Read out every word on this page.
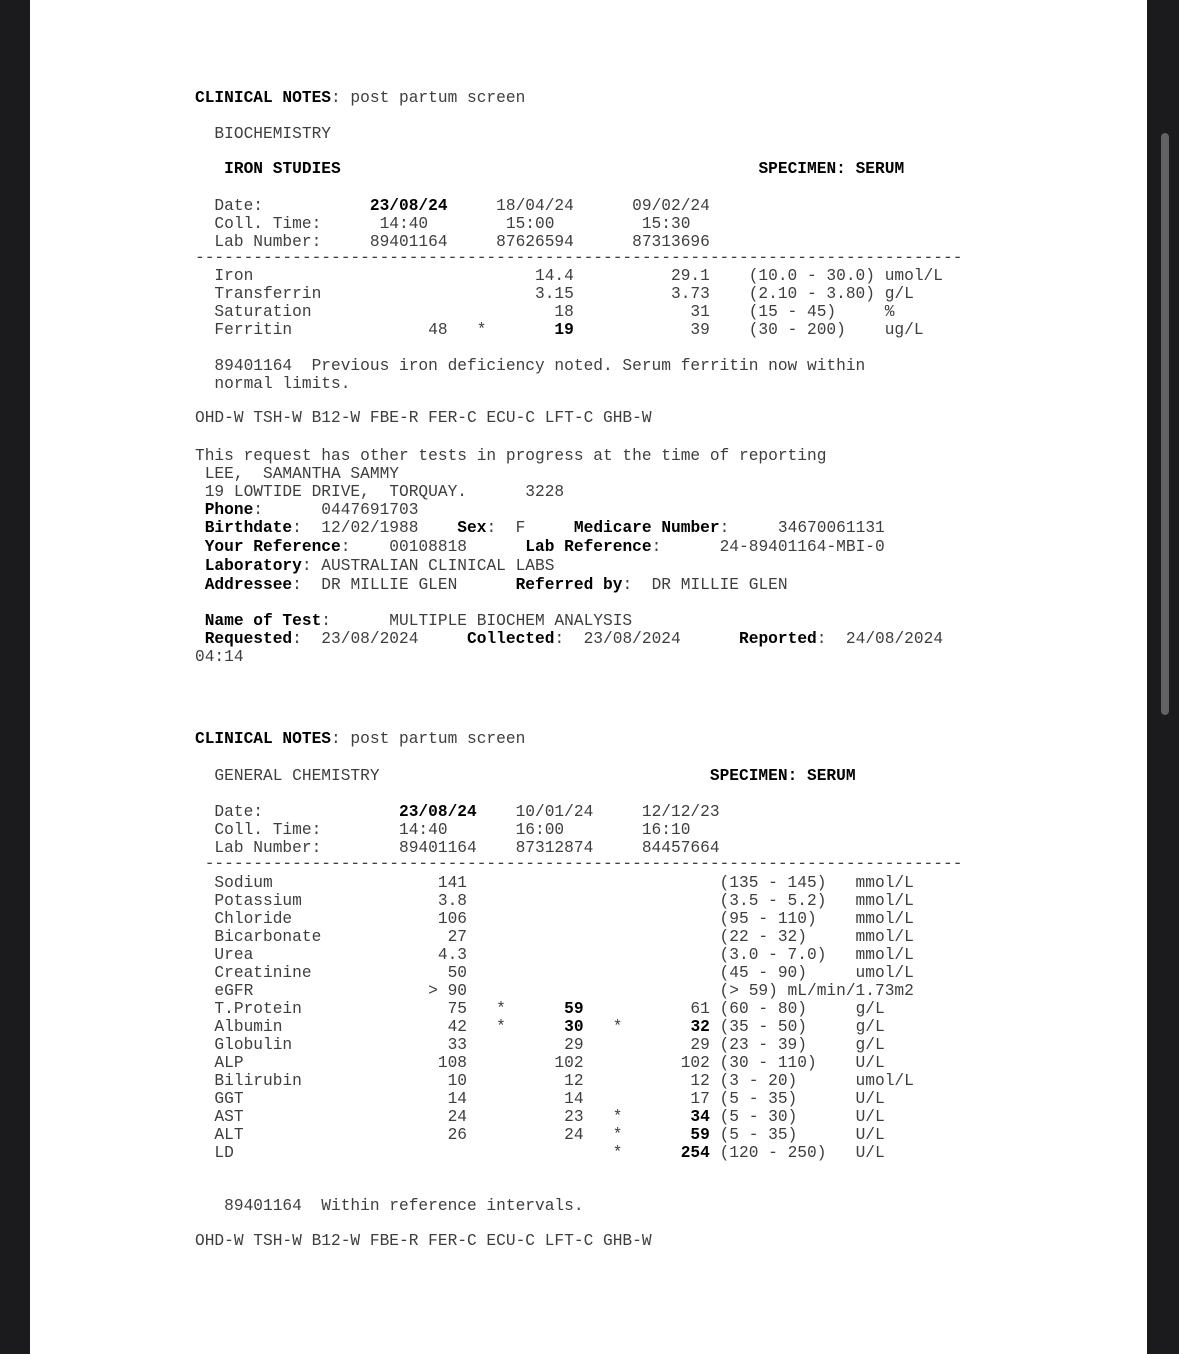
CLINICAL NOTES: post partum screen
BIOCHEMISTRY
IRON STUDIES	SPECIMEN: SERUM
Date:           23/08/24     18/04/24      09/02/24
Coll. Time:      14:40        15:00         15:30
Lab Number:     89401164     87626594      87313696
-------------------------------------------------------------------------------
Iron                             14.4          29.1    (10.0 - 30.0) umol/L
Transferrin                      3.15          3.73    (2.10 - 3.80) g/L
Saturation                         18            31    (15 - 45)     %
Ferritin              48   *       19            39    (30 - 200)    ug/L
89401164  Previous iron deficiency noted. Serum ferritin now within
normal limits.
OHD-W TSH-W B12-W FBE-R FER-C ECU-C LFT-C GHB-W
This request has other tests in progress at the time of reporting
LEE,  SAMANTHA SAMMY
19 LOWTIDE DRIVE,  TORQUAY.      3228
Phone:      0447691703
Birthdate:  12/02/1988    Sex:  F     Medicare Number:     34670061131
Your Reference:    00108818      Lab Reference:      24-89401164-MBI-0
Laboratory: AUSTRALIAN CLINICAL LABS
Addressee:  DR MILLIE GLEN      Referred by:  DR MILLIE GLEN
Name of Test:      MULTIPLE BIOCHEM ANALYSIS
Requested:  23/08/2024     Collected:  23/08/2024      Reported:  24/08/2024
04:14
CLINICAL NOTES: post partum screen
GENERAL CHEMISTRY                                  SPECIMEN: SERUM
Date:              23/08/24    10/01/24     12/12/23
Coll. Time:        14:40       16:00        16:10
Lab Number:        89401164    87312874     84457664
------------------------------------------------------------------------------
Sodium                 141                          (135 - 145)   mmol/L
Potassium              3.8                          (3.5 - 5.2)   mmol/L
Chloride               106                          (95 - 110)    mmol/L
Bicarbonate             27                          (22 - 32)     mmol/L
Urea                   4.3                          (3.0 - 7.0)   mmol/L
Creatinine              50                          (45 - 90)     umol/L
eGFR                  > 90                          (> 59) mL/min/1.73m2
T.Protein               75   *      59           61 (60 - 80)     g/L
Albumin                 42   *      30   *       32 (35 - 50)     g/L
Globulin                33          29           29 (23 - 39)     g/L
ALP                    108         102          102 (30 - 110)    U/L
Bilirubin               10          12           12 (3 - 20)      umol/L
GGT                     14          14           17 (5 - 35)      U/L
AST                     24          23   *       34 (5 - 30)      U/L
ALT                     26          24   *       59 (5 - 35)      U/L
LD                                       *      254 (120 - 250)   U/L
89401164  Within reference intervals.
OHD-W TSH-W B12-W FBE-R FER-C ECU-C LFT-C GHB-W
